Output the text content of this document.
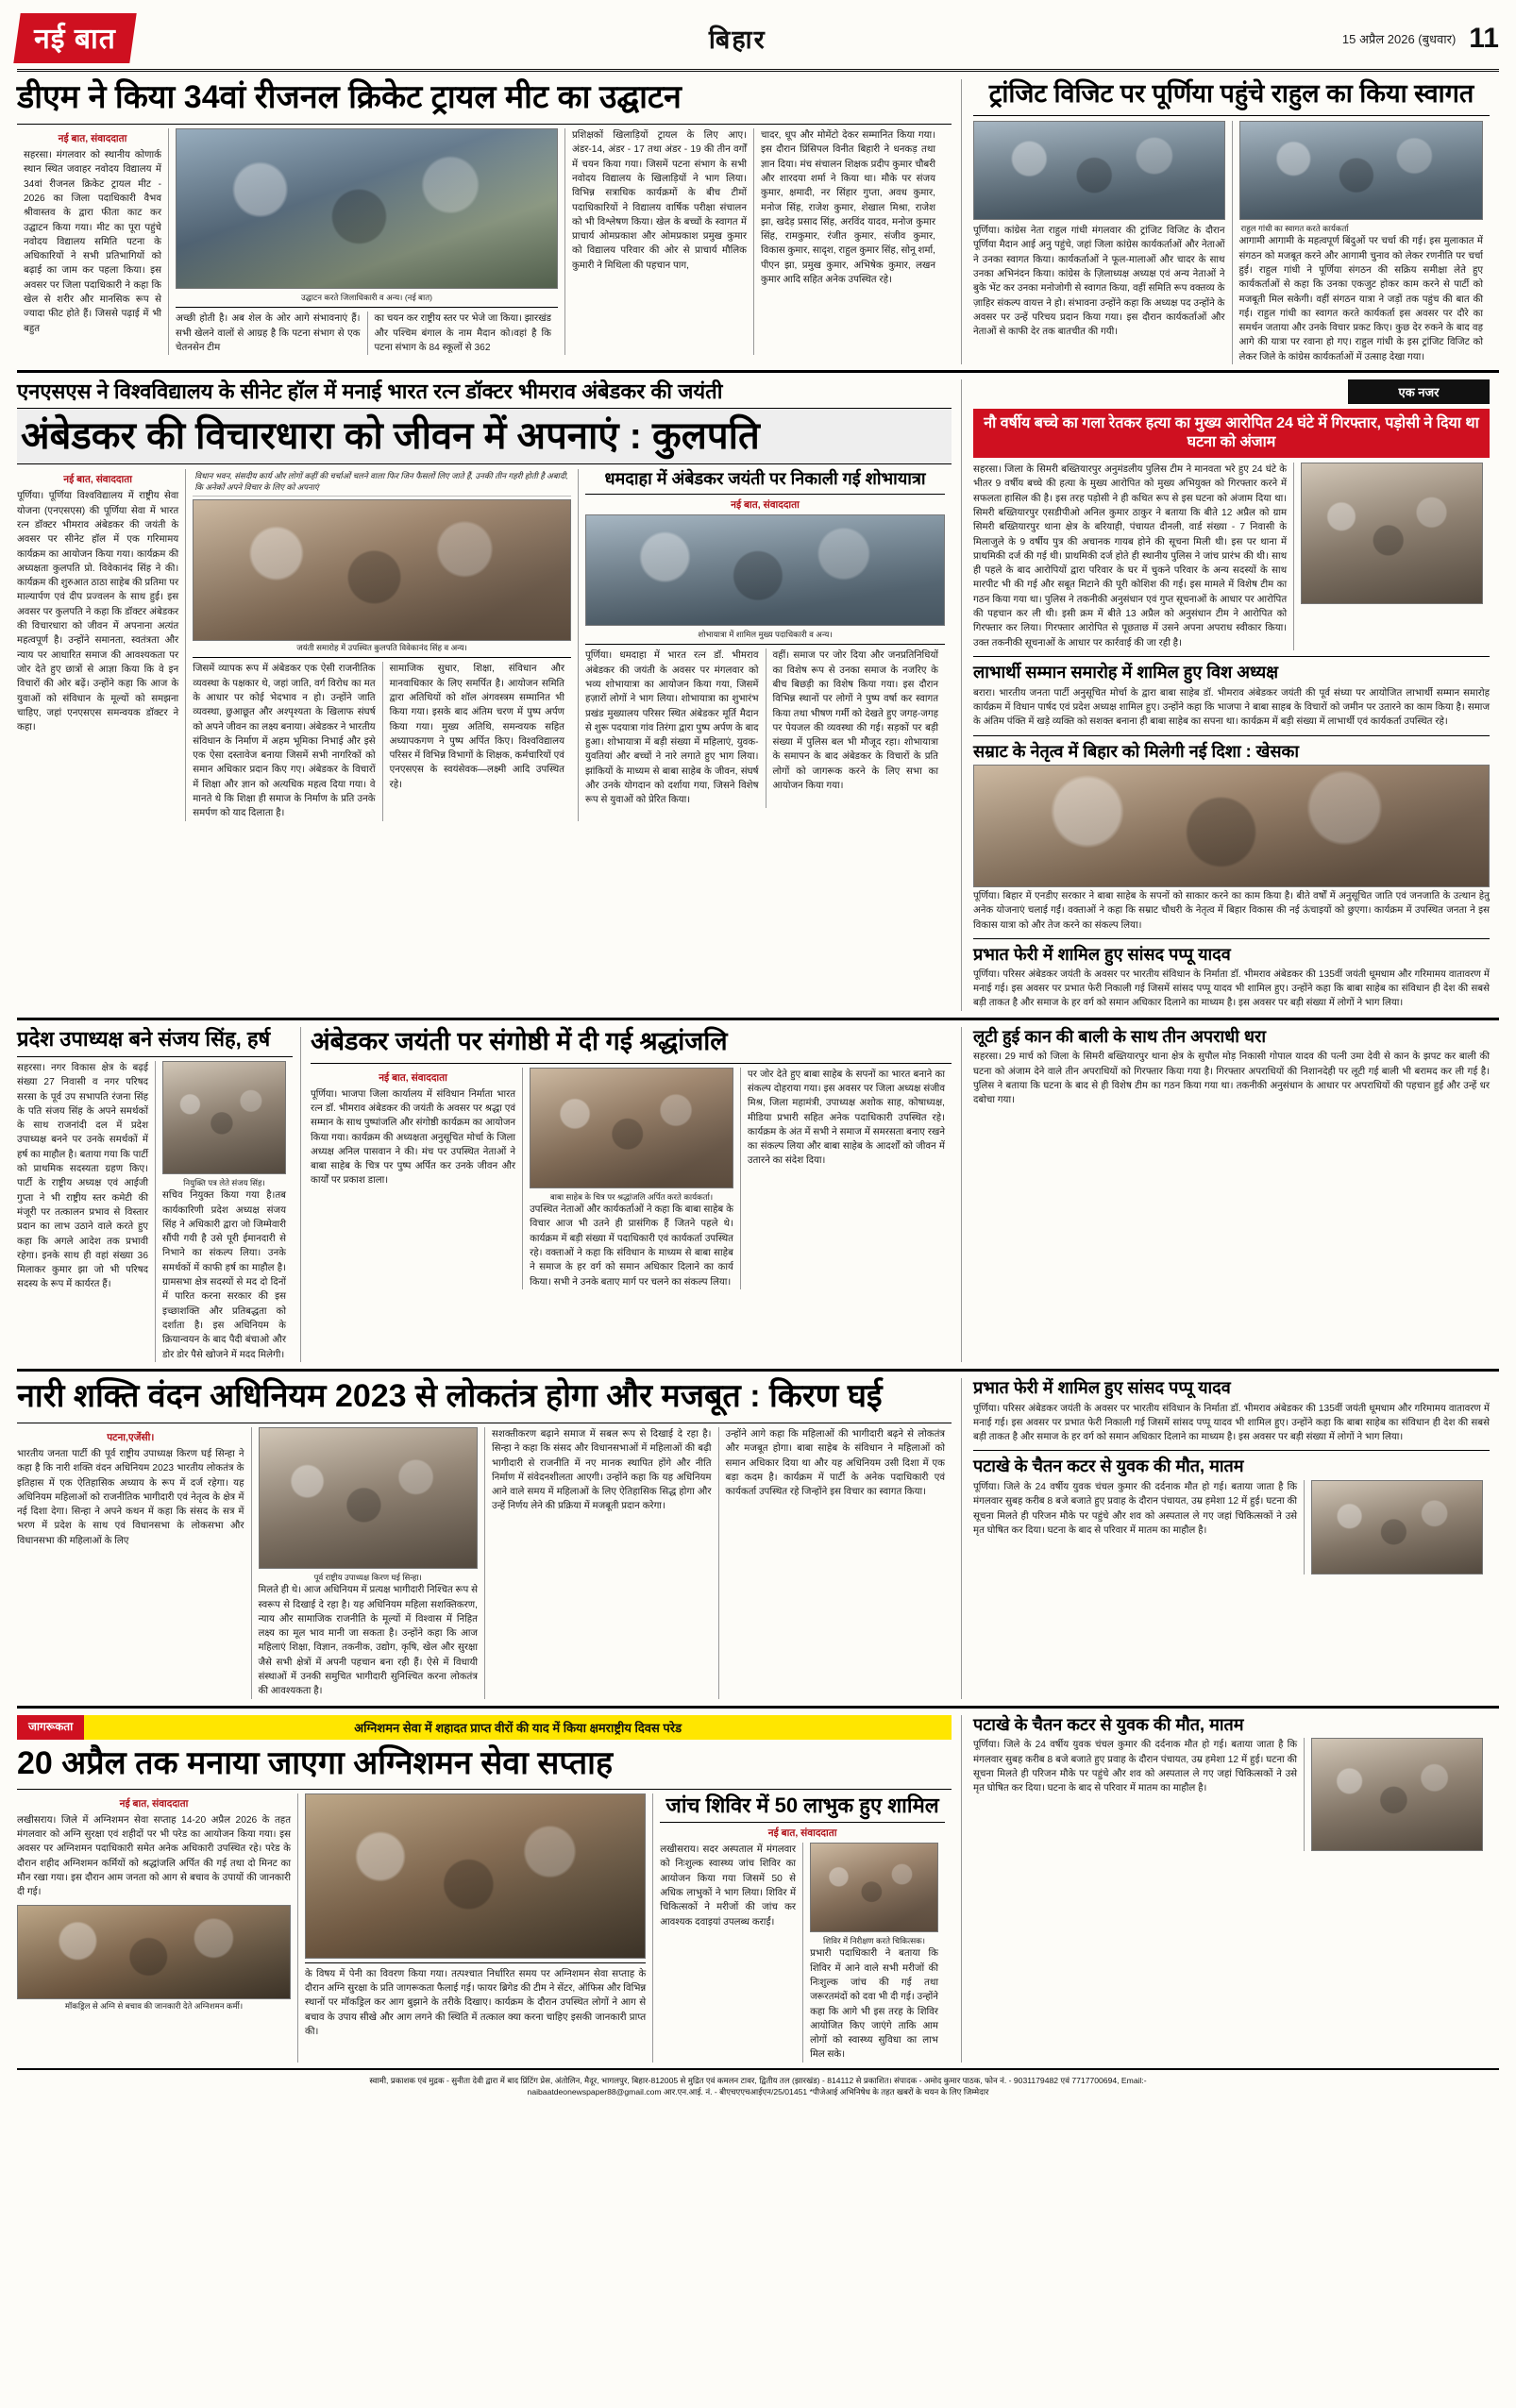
नई बात	बिहार	15 अप्रैल 2026 (बुधवार) 11
डीएम ने किया 34वां रीजनल क्रिकेट ट्रायल मीट का उद्घाटन
नई बात, संवाददाता
सहरसा। मंगलवार को स्थानीय कोणार्क स्थान स्थित जवाहर नवोदय विद्यालय में 34वां रीजनल क्रिकेट ट्रायल मीट - 2026 का जिला पदाधिकारी वैभव श्रीवास्तव के द्वारा फीता काट कर उद्घाटन किया गया। मीट का पूरा पहुंचे नवोदय विद्यालय समिति पटना के अधिकारियों ने सभी प्रतिभागियों को बढ़ाई का जाम कर पहला किया। इस अवसर पर जिला पदाधिकारी ने कहा कि खेल से शरीर और मानसिक रूप से ज्यादा फीट होते हैं। जिससे पढ़ाई में भी बहुत
उद्घाटन करते जिलाधिकारी व अन्य। (नई बात)
अच्छी होती है। अब शेल के ओर आगे संभावनाएं हैं। सभी खेलने वालों से आग्रह है कि पटना संभाग से एक चेतनसेन टीम
का चयन कर राष्ट्रीय स्तर पर भेजे जा किया। झारखंड और पश्चिम बंगाल के नाम मैदान को।वहां है कि पटना संभाग के 84 स्कूलों से 362
प्रशिक्षकों खिलाड़ियों ट्रायल के लिए आए। अंडर-14, अंडर - 17 तथा अंडर - 19 की तीन वर्गों में चयन किया गया। जिसमें पटना संभाग के सभी नवोदय विद्यालय के खिलाड़ियों ने भाग लिया। विभिन्न सत्राधिक कार्यक्रमों के बीच टीमों पदाधिकारियों ने विद्यालय वार्षिक परीक्षा संचालन को भी विश्लेषण किया। खेल के बच्चों के स्वागत में प्राचार्य ओमप्रकाश और ओमप्रकाश प्रमुख कुमार को विद्यालय परिवार की ओर से प्राचार्य मौलिक कुमारी ने मिथिला की पहचान पाग,
चादर, धूप और मोमेंटो देकर सम्मानित किया गया। इस दौरान प्रिंसिपल विनीत बिहारी ने धनकड़ तथा ज्ञान दिया। मंच संचालन शिक्षक प्रदीप कुमार चौबरी और शारदया शर्मा ने किया था। मौके पर संजय कुमार, क्षमादी, नर सिंहार गुप्ता, अवध कुमार, मनोज सिंह, राजेश कुमार, शेखाल मिश्रा, राजेश झा, खदेड़ प्रसाद सिंह, अरविंद यादव, मनोज कुमार सिंह, रामकुमार, रंजीत कुमार, संजीव कुमार, विकास कुमार, सादृश, राहुल कुमार सिंह, सोनू शर्मा, पीएन झा, प्रमुख कुमार, अभिषेक कुमार, लखन कुमार आदि सहित अनेक उपस्थित रहे।
ट्रांजिट विजिट पर पूर्णिया पहुंचे राहुल का किया स्वागत
पूर्णिया। कांग्रेस नेता राहुल गांधी मंगलवार की ट्रांजिट विजिट के दौरान पूर्णिया मैदान आई अनु पहुंचे, जहां जिला कांग्रेस कार्यकर्ताओं और नेताओं ने उनका स्वागत किया। कार्यकर्ताओं ने फूल-मालाओं और चादर के साथ उनका अभिनंदन किया। कांग्रेस के ज़िलाध्यक्ष अध्यक्ष एवं अन्य नेताओं ने बुके भेंट कर उनका मनोजोगी से स्वागत किया, वहीं समिति रूप वक्तव्य के ज़ाहिर संकल्प वायत्त ने हो। संभावना उन्होंने कहा कि अध्यक्ष पद उन्होंने के अवसर पर उन्हें परिचय प्रदान किया गया। इस दौरान कार्यकर्ताओं और नेताओं से काफी देर तक बातचीत की गयी।
राहुल गांधी का स्वागत करते कार्यकर्ता
आगामी आगामी के महत्वपूर्ण बिंदुओं पर चर्चा की गई। इस मुलाकात में संगठन को मजबूत करने और आगामी चुनाव को लेकर रणनीति पर चर्चा हुई। राहुल गांधी ने पूर्णिया संगठन की सक्रिय समीक्षा लेते हुए कार्यकर्ताओं से कहा कि उनका एकजुट होकर काम करने से पार्टी को मजबूती मिल सकेगी। वहीं संगठन यात्रा ने जड़ों तक पहुंच की बात की गई। राहुल गांधी का स्वागत करते कार्यकर्ता इस अवसर पर दौरे का समर्थन जताया और उनके विचार प्रकट किए। कुछ देर रुकने के बाद वह आगे की यात्रा पर रवाना हो गए। राहुल गांधी के इस ट्रांजिट विजिट को लेकर जिले के कांग्रेस कार्यकर्ताओं में उत्साह देखा गया।
एनएसएस ने विश्वविद्यालय के सीनेट हॉल में मनाई भारत रत्न डॉक्टर भीमराव अंबेडकर की जयंती
अंबेडकर की विचारधारा को जीवन में अपनाएं : कुलपति
नई बात, संवाददाता
पूर्णिया। पूर्णिया विश्वविद्यालय में राष्ट्रीय सेवा योजना (एनएसएस) की पूर्णिया सेवा में भारत रत्न डॉक्टर भीमराव अंबेडकर की जयंती के अवसर पर सीनेट हॉल में एक गरिमामय कार्यक्रम का आयोजन किया गया। कार्यक्रम की अध्यक्षता कुलपति प्रो. विवेकानंद सिंह ने की। कार्यक्रम की शुरुआत ठाठा साहेब की प्रतिमा पर माल्यार्पण एवं दीप प्रज्वलन के साथ हुई। इस अवसर पर कुलपति ने कहा कि डॉक्टर अंबेडकर की विचारधारा को जीवन में अपनाना अत्यंत महत्वपूर्ण है। उन्होंने समानता, स्वतंत्रता और न्याय पर आधारित समाज की आवश्यकता पर जोर देते हुए छात्रों से आज्ञा किया कि वे इन विचारों की ओर बढ़ें। उन्होंने कहा कि आज के युवाओं को संविधान के मूल्यों को समझना चाहिए, जहां एनएसएस समन्वयक डॉक्टर ने कहा।
विधान भवन, संसदीय कार्य और लोगों कहीं की चर्चाओं चलने वाला फिर जिन फैसलों लिए जाते हैं, उनकी तीन गहरी होती है अबादी, कि अनेकों अपने विचार के लिए को अपनाएं
जयंती समारोह में उपस्थित कुलपति विवेकानंद सिंह व अन्य।
जिसमें व्यापक रूप में अंबेडकर एक ऐसी राजनीतिक व्यवस्था के पक्षकार थे, जहां जाति, वर्ग विरोध का मत के आधार पर कोई भेदभाव न हो। उन्होंने जाति व्यवस्था, छुआछूत और अश्पृश्यता के खिलाफ संघर्ष को अपने जीवन का लक्ष्य बनाया। अंबेडकर ने भारतीय संविधान के निर्माण में अहम भूमिका निभाई और इसे एक ऐसा दस्तावेज बनाया जिसमें सभी नागरिकों को समान अधिकार प्रदान किए गए। अंबेडकर के विचारों में शिक्षा और ज्ञान को अत्यधिक महत्व दिया गया। वे मानते थे कि शिक्षा ही समाज के निर्माण के प्रति उनके समर्पण को याद दिलाता है।
सामाजिक सुधार, शिक्षा, संविधान और मानवाधिकार के लिए समर्पित है। आयोजन समिति द्वारा अतिथियों को शॉल अंगवस्त्रम सम्मानित भी किया गया। इसके बाद अंतिम चरण में पुष्प अर्पण किया गया। मुख्य अतिथि, समन्वयक सहित अध्यापकगण ने पुष्प अर्पित किए। विश्वविद्यालय परिसर में विभिन्न विभागों के शिक्षक, कर्मचारियों एवं एनएसएस के स्वयंसेवक—लक्ष्मी आदि उपस्थित रहे।
धमदाहा में अंबेडकर जयंती पर निकाली गई शोभायात्रा
नई बात, संवाददाता
शोभायात्रा में शामिल मुख्य पदाधिकारी व अन्य।
पूर्णिया। धमदाहा में भारत रत्न डॉ. भीमराव अंबेडकर की जयंती के अवसर पर मंगलवार को भव्य शोभायात्रा का आयोजन किया गया, जिसमें हज़ारों लोगों ने भाग लिया। शोभायात्रा का शुभारंभ प्रखंड मुख्यालय परिसर स्थित अंबेडकर मूर्ति मैदान से शुरू पदयात्रा गांव तिरंगा द्वारा पुष्प अर्पण के बाद हुआ। शोभायात्रा में बड़ी संख्या में महिलाएं, युवक-युवतियां और बच्चों ने नारे लगाते हुए भाग लिया। झांकियों के माध्यम से बाबा साहेब के जीवन, संघर्ष और उनके योगदान को दर्शाया गया, जिसने विशेष रूप से युवाओं को प्रेरित किया।
वहीं। समाज पर जोर दिया और जनप्रतिनिधियों का विशेष रूप से उनका समाज के नजरिए के बीच बिछड़ी का विशेष किया गया। इस दौरान विभिन्न स्थानों पर लोगों ने पुष्प वर्षा कर स्वागत किया तथा भीषण गर्मी को देखते हुए जगह-जगह पर पेयजल की व्यवस्था की गई। सड़कों पर बड़ी संख्या में पुलिस बल भी मौजूद रहा। शोभायात्रा के समापन के बाद अंबेडकर के विचारों के प्रति लोगों को जागरूक करने के लिए सभा का आयोजन किया गया।
एक नजर
नौ वर्षीय बच्चे का गला रेतकर हत्या का मुख्य आरोपित 24 घंटे में गिरफ्तार, पड़ोसी ने दिया था घटना को अंजाम
सहरसा। जिला के सिमरी बख्तियारपुर अनुमंडलीय पुलिस टीम ने मानवता भरे हुए 24 घंटे के भीतर 9 वर्षीय बच्चे की हत्या के मुख्य आरोपित को मुख्य अभियुक्त को गिरफ्तार करने में सफलता हासिल की है। इस तरह पड़ोसी ने ही कथित रूप से इस घटना को अंजाम दिया था। सिमरी बख्तियारपुर एसडीपीओ अनिल कुमार ठाकुर ने बताया कि बीते 12 अप्रैल को ग्राम सिमरी बख्तियारपुर थाना क्षेत्र के बरियाही, पंचायत दीनली, वार्ड संख्या - 7 निवासी के मिलाजुले के 9 वर्षीय पुत्र की अचानक गायब होने की सूचना मिली थी। इस पर थाना में प्राथमिकी दर्ज की गई थी। प्राथमिकी दर्ज होते ही स्थानीय पुलिस ने जांच प्रारंभ की थी। साथ ही पहले के बाद आरोपियों द्वारा परिवार के घर में चुकने परिवार के अन्य सदस्यों के साथ मारपीट भी की गई और सबूत मिटाने की पूरी कोशिश की गई। इस मामले में विशेष टीम का गठन किया गया था। पुलिस ने तकनीकी अनुसंधान एवं गुप्त सूचनाओं के आधार पर आरोपित की पहचान कर ली थी। इसी क्रम में बीते 13 अप्रैल को अनुसंधान टीम ने आरोपित को गिरफ्तार कर लिया। गिरफ्तार आरोपित से पूछताछ में उसने अपना अपराध स्वीकार किया। उक्त तकनीकी सूचनाओं के आधार पर कार्रवाई की जा रही है।
लाभार्थी सम्मान समारोह में शामिल हुए विश अध्यक्ष
बरारा। भारतीय जनता पार्टी अनुसूचित मोर्चा के द्वारा बाबा साहेब डॉ. भीमराव अंबेडकर जयंती की पूर्व संध्या पर आयोजित लाभार्थी सम्मान समारोह कार्यक्रम में विधान पार्षद एवं प्रदेश अध्यक्ष शामिल हुए। उन्होंने कहा कि भाजपा ने बाबा साहब के विचारों को जमीन पर उतारने का काम किया है। समाज के अंतिम पंक्ति में खड़े व्यक्ति को सशक्त बनाना ही बाबा साहेब का सपना था। कार्यक्रम में बड़ी संख्या में लाभार्थी एवं कार्यकर्ता उपस्थित रहे।
सम्राट के नेतृत्व में बिहार को मिलेगी नई दिशा : खेसका
पूर्णिया। बिहार में एनडीए सरकार ने बाबा साहेब के सपनों को साकार करने का काम किया है। बीते वर्षों में अनुसूचित जाति एवं जनजाति के उत्थान हेतु अनेक योजनाएं चलाई गईं। वक्ताओं ने कहा कि सम्राट चौधरी के नेतृत्व में बिहार विकास की नई ऊंचाइयों को छुएगा। कार्यक्रम में उपस्थित जनता ने इस विकास यात्रा को और तेज करने का संकल्प लिया।
प्रभात फेरी में शामिल हुए सांसद पप्पू यादव
पूर्णिया। परिसर अंबेडकर जयंती के अवसर पर भारतीय संविधान के निर्माता डॉ. भीमराव अंबेडकर की 135वीं जयंती धूमधाम और गरिमामय वातावरण में मनाई गई। इस अवसर पर प्रभात फेरी निकाली गई जिसमें सांसद पप्पू यादव भी शामिल हुए। उन्होंने कहा कि बाबा साहेब का संविधान ही देश की सबसे बड़ी ताकत है और समाज के हर वर्ग को समान अधिकार दिलाने का माध्यम है। इस अवसर पर बड़ी संख्या में लोगों ने भाग लिया।
प्रदेश उपाध्यक्ष बने संजय सिंह, हर्ष
सहरसा। नगर विकास क्षेत्र के बढ़ई संख्या 27 निवासी व नगर परिषद सरसा के पूर्व उप सभापति रंजना सिंह के पति संजय सिंह के अपने समर्थकों के साथ राजनांदी दल में प्रदेश उपाध्यक्ष बनने पर उनके समर्थकों में हर्ष का माहौल है। बताया गया कि पार्टी को प्राथमिक सदस्यता ग्रहण किए। पार्टी के राष्ट्रीय अध्यक्ष एवं आईजी गुप्ता ने भी राष्ट्रीय स्तर कमेटी की मंजूरी पर तत्कालन प्रभाव से विस्तार प्रदान का लाभ उठाने वाले करते हुए कहा कि अगले आदेश तक प्रभावी रहेगा। इनके साथ ही वहां संख्या 36 मिलाकर कुमार झा जो भी परिषद सदस्य के रूप में कार्यरत हैं।
नियुक्ति पत्र लेते संजय सिंह।
सचिव नियुक्त किया गया है।तब कार्यकारिणी प्रदेश अध्यक्ष संजय सिंह ने अधिकारी द्वारा जो जिम्मेवारी सौंपी गयी है उसे पूरी ईमानदारी से निभाने का संकल्प लिया। उनके समर्थकों में काफी हर्ष का माहौल है। ग्रामसभा क्षेत्र सदस्यों से मद दो दिनों में पारित करना सरकार की इस इच्छाशक्ति और प्रतिबद्धता को दर्शाता है। इस अधिनियम के क्रियान्वयन के बाद पैदी बंचाओ और डोर डोर पैसे खोजने में मदद मिलेगी।
अंबेडकर जयंती पर संगोष्ठी में दी गई श्रद्धांजलि
नई बात, संवाददाता
पूर्णिया। भाजपा जिला कार्यालय में संविधान निर्माता भारत रत्न डॉ. भीमराव अंबेडकर की जयंती के अवसर पर श्रद्धा एवं सम्मान के साथ पुष्पांजलि और संगोष्ठी कार्यक्रम का आयोजन किया गया। कार्यक्रम की अध्यक्षता अनुसूचित मोर्चा के जिला अध्यक्ष अनिल पासवान ने की। मंच पर उपस्थित नेताओं ने बाबा साहेब के चित्र पर पुष्प अर्पित कर उनके जीवन और कार्यों पर प्रकाश डाला।
बाबा साहेब के चित्र पर श्रद्धांजलि अर्पित करते कार्यकर्ता।
उपस्थित नेताओं और कार्यकर्ताओं ने कहा कि बाबा साहेब के विचार आज भी उतने ही प्रासंगिक हैं जितने पहले थे। कार्यक्रम में बड़ी संख्या में पदाधिकारी एवं कार्यकर्ता उपस्थित रहे। वक्ताओं ने कहा कि संविधान के माध्यम से बाबा साहेब ने समाज के हर वर्ग को समान अधिकार दिलाने का कार्य किया। सभी ने उनके बताए मार्ग पर चलने का संकल्प लिया।
पर जोर देते हुए बाबा साहेब के सपनों का भारत बनाने का संकल्प दोहराया गया। इस अवसर पर जिला अध्यक्ष संजीव मिश्र, जिला महामंत्री, उपाध्यक्ष अशोक साह, कोषाध्यक्ष, मीडिया प्रभारी सहित अनेक पदाधिकारी उपस्थित रहे। कार्यक्रम के अंत में सभी ने समाज में समरसता बनाए रखने का संकल्प लिया और बाबा साहेब के आदर्शों को जीवन में उतारने का संदेश दिया।
लूटी हुई कान की बाली के साथ तीन अपराधी धरा
सहरसा। 29 मार्च को जिला के सिमरी बख्तियारपुर थाना क्षेत्र के सुपौल मोड़ निकासी गोपाल यादव की पत्नी उमा देवी से कान के झपट कर बाली की घटना को अंजाम देने वाले तीन अपराधियों को गिरफ्तार किया गया है। गिरफ्तार अपराधियों की निशानदेही पर लूटी गई बाली भी बरामद कर ली गई है। पुलिस ने बताया कि घटना के बाद से ही विशेष टीम का गठन किया गया था। तकनीकी अनुसंधान के आधार पर अपराधियों की पहचान हुई और उन्हें धर दबोचा गया।
नारी शक्ति वंदन अधिनियम 2023 से लोकतंत्र होगा और मजबूत : किरण घई
पटना,एजेंसी।
भारतीय जनता पार्टी की पूर्व राष्ट्रीय उपाध्यक्ष किरण घई सिन्हा ने कहा है कि नारी शक्ति वंदन अधिनियम 2023 भारतीय लोकतंत्र के इतिहास में एक ऐतिहासिक अध्याय के रूप में दर्ज रहेगा। यह अधिनियम महिलाओं को राजनीतिक भागीदारी एवं नेतृत्व के क्षेत्र में नई दिशा देगा। सिन्हा ने अपने कथन में कहा कि संसद के सत्र में भरण में प्रदेश के साथ एवं विधानसभा के लोकसभा और विधानसभा की महिलाओं के लिए
पूर्व राष्ट्रीय उपाध्यक्ष किरण घई सिन्हा।
मिलते ही थे। आज अधिनियम में प्रत्यक्ष भागीदारी निश्चित रूप से स्वरूप से दिखाई दे रहा है। यह अधिनियम महिला सशक्तिकरण, न्याय और सामाजिक राजनीति के मूल्यों में विश्वास में निहित लक्ष्य का मूल भाव मानी जा सकता है। उन्होंने कहा कि आज महिलाएं शिक्षा, विज्ञान, तकनीक, उद्योग, कृषि, खेल और सुरक्षा जैसे सभी क्षेत्रों में अपनी पहचान बना रही हैं। ऐसे में विधायी संस्थाओं में उनकी समुचित भागीदारी सुनिश्चित करना लोकतंत्र की आवश्यकता है।
सशक्तीकरण बढ़ाने समाज में सबल रूप से दिखाई दे रहा है। सिन्हा ने कहा कि संसद और विधानसभाओं में महिलाओं की बढ़ी भागीदारी से राजनीति में नए मानक स्थापित होंगे और नीति निर्माण में संवेदनशीलता आएगी। उन्होंने कहा कि यह अधिनियम आने वाले समय में महिलाओं के लिए ऐतिहासिक सिद्ध होगा और उन्हें निर्णय लेने की प्रक्रिया में मजबूती प्रदान करेगा।
उन्होंने आगे कहा कि महिलाओं की भागीदारी बढ़ने से लोकतंत्र और मजबूत होगा। बाबा साहेब के संविधान ने महिलाओं को समान अधिकार दिया था और यह अधिनियम उसी दिशा में एक बड़ा कदम है। कार्यक्रम में पार्टी के अनेक पदाधिकारी एवं कार्यकर्ता उपस्थित रहे जिन्होंने इस विचार का स्वागत किया।
प्रभात फेरी में शामिल हुए सांसद पप्पू यादव
पूर्णिया। परिसर अंबेडकर जयंती के अवसर पर भारतीय संविधान के निर्माता डॉ. भीमराव अंबेडकर की 135वीं जयंती धूमधाम और गरिमामय वातावरण में मनाई गई। इस अवसर पर प्रभात फेरी निकाली गई जिसमें सांसद पप्पू यादव भी शामिल हुए। उन्होंने कहा कि बाबा साहेब का संविधान ही देश की सबसे बड़ी ताकत है और समाज के हर वर्ग को समान अधिकार दिलाने का माध्यम है। इस अवसर पर बड़ी संख्या में लोगों ने भाग लिया।
पटाखे के चैतन कटर से युवक की मौत, मातम
पूर्णिया। जिले के 24 वर्षीय युवक चंचल कुमार की दर्दनाक मौत हो गई। बताया जाता है कि मंगलवार सुबह करीब 8 बजे बजाते हुए प्रवाह के दौरान पंचायत, उम्र हमेशा 12 में हुई। घटना की सूचना मिलते ही परिजन मौके पर पहुंचे और शव को अस्पताल ले गए जहां चिकित्सकों ने उसे मृत घोषित कर दिया। घटना के बाद से परिवार में मातम का माहौल है।
जागरूकता	अग्निशमन सेवा में शहादत प्राप्त वीरों की याद में किया क्षमराष्ट्रीय दिवस परेड
20 अप्रैल तक मनाया जाएगा अग्निशमन सेवा सप्ताह
नई बात, संवाददाता
लखीसराय। जिले में अग्निशमन सेवा सप्ताह 14-20 अप्रैल 2026 के तहत मंगलवार को अग्नि सुरक्षा एवं शहीदों पर भी परेड का आयोजन किया गया। इस अवसर पर अग्निशमन पदाधिकारी समेत अनेक अधिकारी उपस्थित रहे। परेड के दौरान शहीद अग्निशमन कर्मियों को श्रद्धांजलि अर्पित की गई तथा दो मिनट का मौन रखा गया। इस दौरान आम जनता को आग से बचाव के उपायों की जानकारी दी गई।
मॉकड्रिल से अग्नि से बचाव की जानकारी देते अग्निशमन कर्मी।
के विषय में पेनी का विवरण किया गया। तत्पश्चात निर्धारित समय पर अग्निशमन सेवा सप्ताह के दौरान अग्नि सुरक्षा के प्रति जागरूकता फैलाई गई। फायर ब्रिगेड की टीम ने सेंटर, ऑफिस और विभिन्न स्थानों पर मॉकड्रिल कर आग बुझाने के तरीके दिखाए। कार्यक्रम के दौरान उपस्थित लोगों ने आग से बचाव के उपाय सीखे और आग लगने की स्थिति में तत्काल क्या करना चाहिए इसकी जानकारी प्राप्त की।
जांच शिविर में 50 लाभुक हुए शामिल
नई बात, संवाददाता
लखीसराय। सदर अस्पताल में मंगलवार को निःशुल्क स्वास्थ्य जांच शिविर का आयोजन किया गया जिसमें 50 से अधिक लाभुकों ने भाग लिया। शिविर में चिकित्सकों ने मरीजों की जांच कर आवश्यक दवाइयां उपलब्ध कराईं।
शिविर में निरीक्षण करते चिकित्सक।
प्रभारी पदाधिकारी ने बताया कि शिविर में आने वाले सभी मरीजों की निःशुल्क जांच की गई तथा जरूरतमंदों को दवा भी दी गई। उन्होंने कहा कि आगे भी इस तरह के शिविर आयोजित किए जाएंगे ताकि आम लोगों को स्वास्थ्य सुविधा का लाभ मिल सके।
पटाखे के चैतन कटर से युवक की मौत, मातम
पूर्णिया। जिले के 24 वर्षीय युवक चंचल कुमार की दर्दनाक मौत हो गई। बताया जाता है कि मंगलवार सुबह करीब 8 बजे बजाते हुए प्रवाह के दौरान पंचायत, उम्र हमेशा 12 में हुई। घटना की सूचना मिलते ही परिजन मौके पर पहुंचे और शव को अस्पताल ले गए जहां चिकित्सकों ने उसे मृत घोषित कर दिया। घटना के बाद से परिवार में मातम का माहौल है।
स्वामी, प्रकाशक एवं मुद्रक - सुनीता देवी द्वारा में बाद प्रिंटिंग प्रेस, अंतोलिन, मैदूर, भागलपुर, बिहार-812005 से मुद्रित एवं कमलन टावर, द्वितीय तल (झारखंड) - 814112 से प्रकाशित। संपादक - अमोद कुमार पाठक, फोन नं. - 9031179482 एवं 7717700694, Email:-
naibaatdeonewspaper88@gmail.com आर.एन.आई. नं. - बीएचएएचआईएन/25/01451 *पीजेआई अभिनिषेध के तहत खबरों के चयन के लिए जिम्मेदार
